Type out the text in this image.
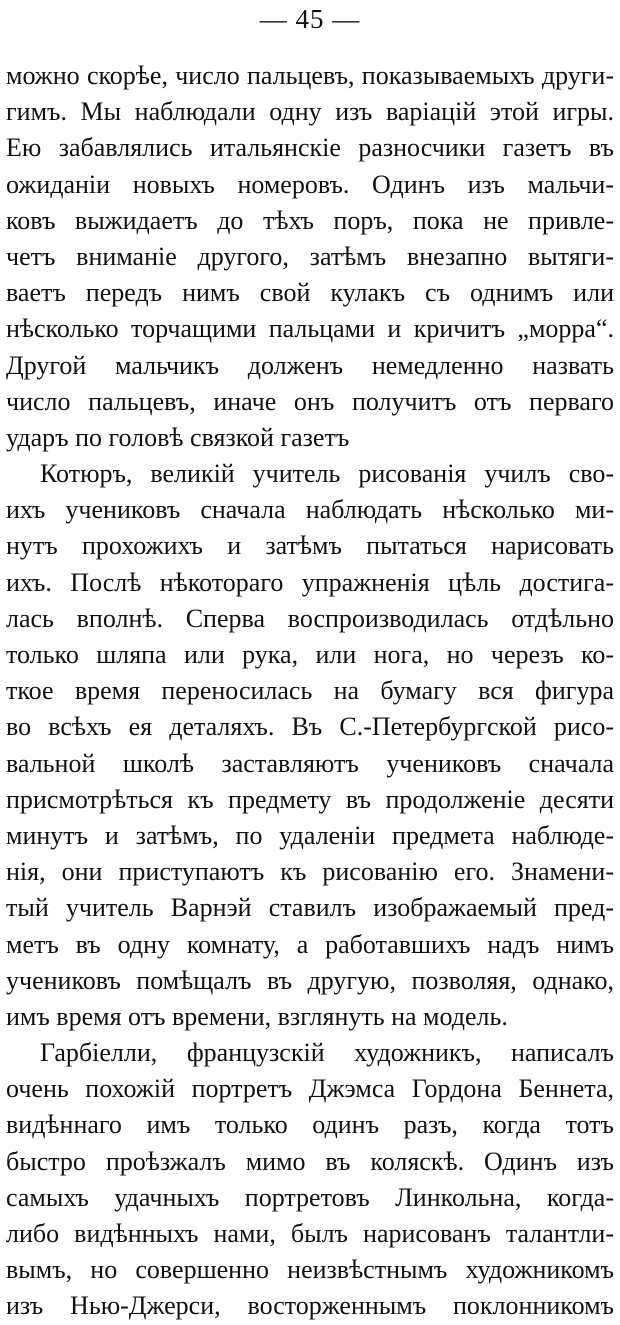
— 45 —
можно скорѣе, число пальцевъ, показываемыхъ други-
гимъ. Мы наблюдали одну изъ варіацій этой игры.
Ею забавлялись итальянскіе разносчики газетъ въ
ожиданіи новыхъ номеровъ. Одинъ изъ мальчи-
ковъ выжидаетъ до тѣхъ поръ, пока не привле-
четъ вниманіе другого, затѣмъ внезапно вытяги-
ваетъ передъ нимъ свой кулакъ съ однимъ или
нѣсколько торчащими пальцами и кричитъ „морра“.
Другой мальчикъ долженъ немедленно назвать
число пальцевъ, иначе онъ получитъ отъ перваго
ударъ по головѣ связкой газетъ
Котюръ, великій учитель рисованія училъ сво-
ихъ учениковъ сначала наблюдать нѣсколько ми-
нутъ прохожихъ и затѣмъ пытаться нарисовать
ихъ. Послѣ нѣкотораго упражненія цѣль достига-
лась вполнѣ. Сперва воспроизводилась отдѣльно
только шляпа или рука, или нога, но черезъ ко-
ткое время переносилась на бумагу вся фигура
во всѣхъ ея деталяхъ. Въ С.-Петербургской рисо-
вальной школѣ заставляютъ учениковъ сначала
присмотрѣться къ предмету въ продолженіе десяти
минутъ и затѣмъ, по удаленіи предмета наблюде-
нія, они приступаютъ къ рисованію его. Знамени-
тый учитель Варнэй ставилъ изображаемый пред-
метъ въ одну комнату, а работавшихъ надъ нимъ
учениковъ помѣщалъ въ другую, позволяя, однако,
имъ время отъ времени, взглянуть на модель.
Гарбіелли, французскій художникъ, написалъ
очень похожій портретъ Джэмса Гордона Беннета,
видѣннаго имъ только одинъ разъ, когда тотъ
быстро проѣзжалъ мимо въ коляскѣ. Одинъ изъ
самыхъ удачныхъ портретовъ Линкольна, когда-
либо видѣнныхъ нами, былъ нарисованъ талантли-
вымъ, но совершенно неизвѣстнымъ художникомъ
изъ Нью-Джерси, восторженнымъ поклонникомъ
